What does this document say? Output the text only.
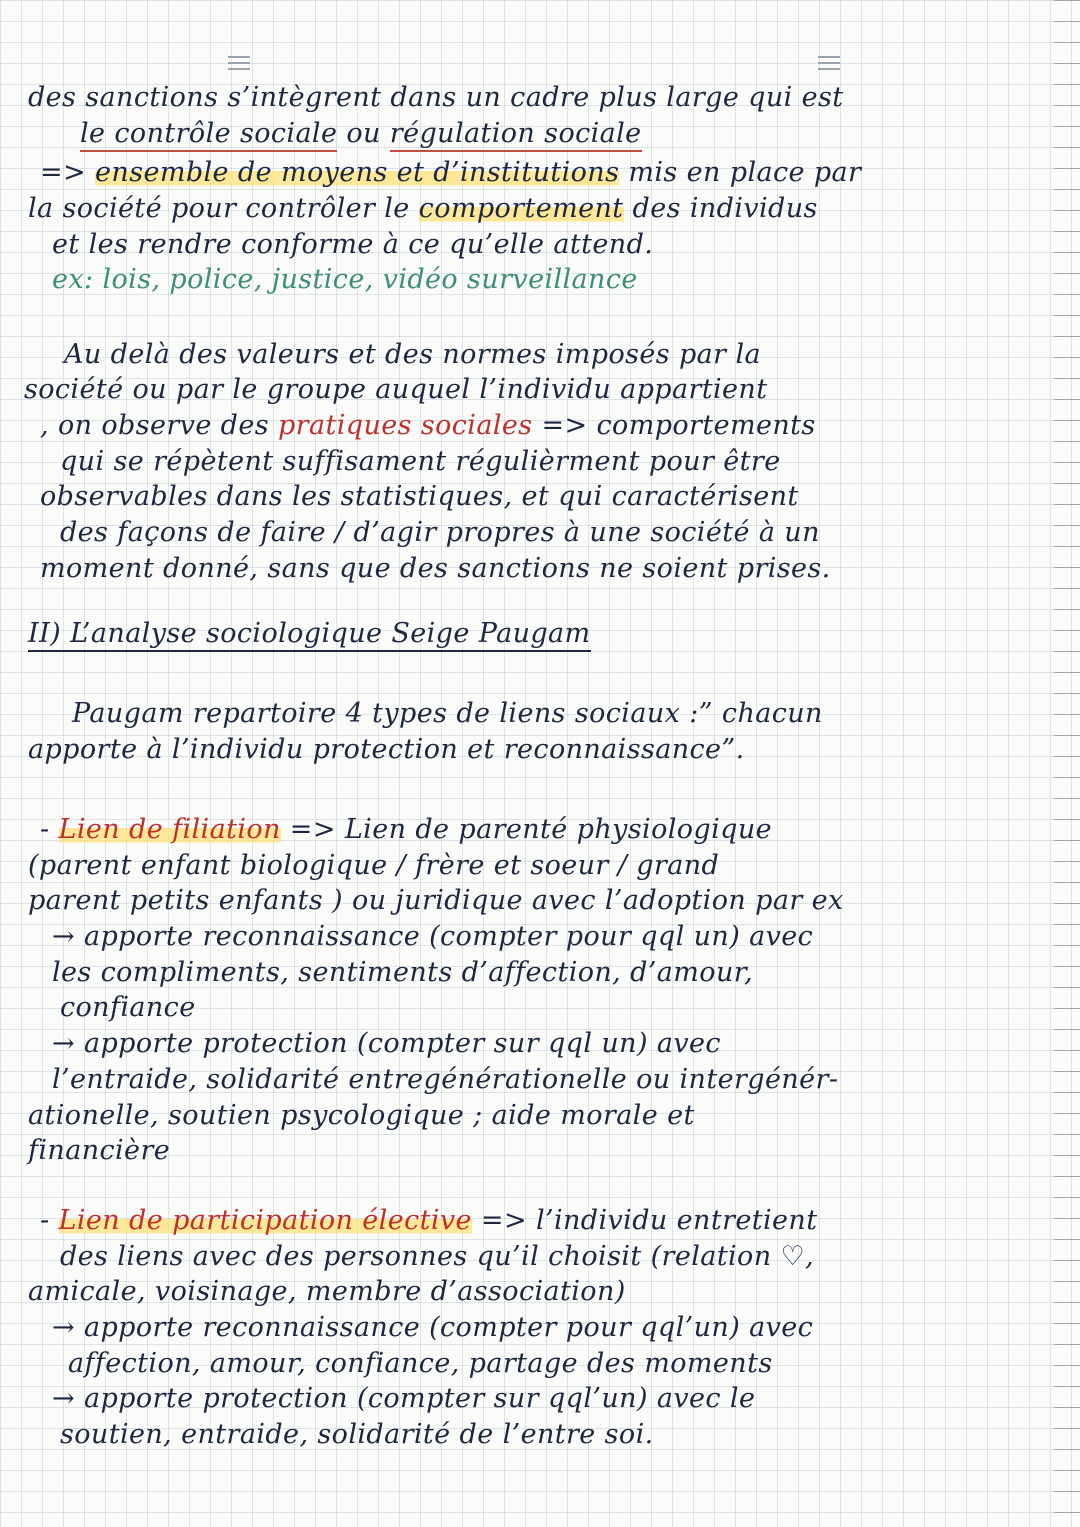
des sanctions s’intègrent dans un cadre plus large qui est
le contrôle sociale ou régulation sociale
=> ensemble de moyens et d’institutions mis en place par
la société pour contrôler le comportement des individus
et les rendre conforme à ce qu’elle attend.
ex: lois, police, justice, vidéo surveillance
Au delà des valeurs et des normes imposés par la
société ou par le groupe auquel l’individu appartient
, on observe des pratiques sociales => comportements
qui se répètent suffisament régulièrment pour être
observables dans les statistiques, et qui caractérisent
des façons de faire / d’agir propres à une société à un
moment donné, sans que des sanctions ne soient prises.
II) L’analyse sociologique Seige Paugam
Paugam repartoire 4 types de liens sociaux :” chacun
apporte à l’individu protection et reconnaissance”.
- Lien de filiation => Lien de parenté physiologique
(parent enfant biologique / frère et soeur / grand
parent petits enfants ) ou juridique avec l’adoption par ex
→ apporte reconnaissance (compter pour qql un) avec
les compliments, sentiments d’affection, d’amour,
confiance
→ apporte protection (compter sur qql un) avec
l’entraide, solidarité entregénérationelle ou intergénér-
ationelle, soutien psycologique ; aide morale et
financière
- Lien de participation élective => l’individu entretient
des liens avec des personnes qu’il choisit (relation ♡,
amicale, voisinage, membre d’association)
→ apporte reconnaissance (compter pour qql’un) avec
affection, amour, confiance, partage des moments
→ apporte protection (compter sur qql’un) avec le
soutien, entraide, solidarité de l’entre soi.
